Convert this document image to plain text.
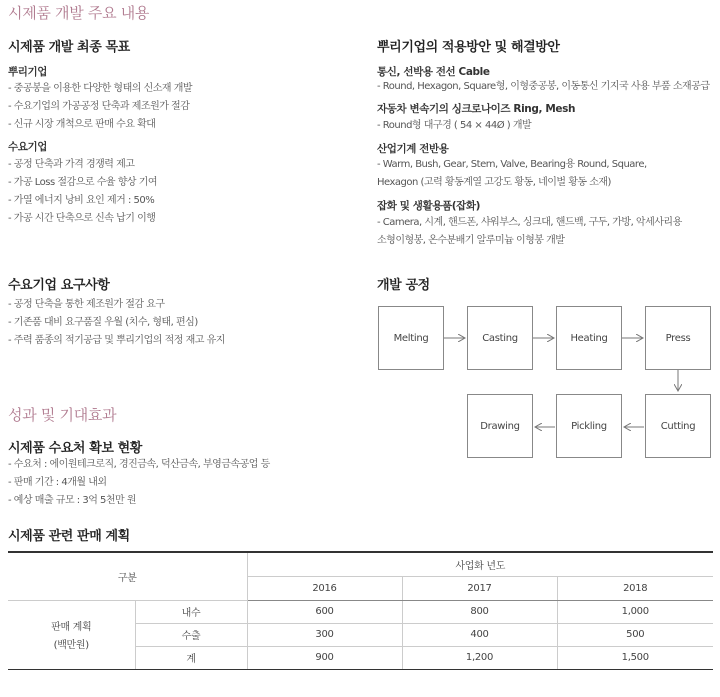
시제품 개발 주요 내용
시제품 개발 최종 목표
뿌리기업
- 중공봉을 이용한 다양한 형태의 신소재 개발
- 수요기업의 가공공정 단축과 제조원가 절감
- 신규 시장 개척으로 판매 수요 확대
수요기업
- 공정 단축과 가격 경쟁력 제고
- 가공 Loss 절감으로 수율 향상 기여
- 가열 에너지 낭비 요인 제거 : 50%
- 가공 시간 단축으로 신속 납기 이행
뿌리기업의 적용방안 및 해결방안
통신, 선박용 전선 Cable
- Round, Hexagon, Square형, 이형중공봉, 이동통신 기지국 사용 부품 소재공급
자동차 변속기의 싱크로나이즈 Ring, Mesh
- Round형 대구경 ( 54 × 44Ø ) 개발
산업기계 전반용
- Warm, Bush, Gear, Stem, Valve, Bearing용 Round, Square,
Hexagon (고력 황동계열 고강도 황동, 네이벌 황동 소재)
잡화 및 생활용품(잡화)
- Camera, 시계, 핸드폰, 샤워부스, 싱크대, 핸드백, 구두, 가방, 악세사리용
소형이형봉, 온수분배기 알루미늄 이형봉 개발
수요기업 요구사항
- 공정 단축을 통한 제조원가 절감 요구
- 기존품 대비 요구품질 우월 (치수, 형태, 편심)
- 주력 품종의 적기공급 및 뿌리기업의 적정 재고 유지
개발 공정
Melting	Casting	Heating	Press
Cutting
Pickling
Drawing
성과 및 기대효과
시제품 수요처 확보 현황
- 수요처 : 에이원테크로직, 경진금속, 덕산금속, 부영금속공업 등
- 판매 기간 : 4개월 내외
- 예상 매출 규모 : 3억 5천만 원
시제품 관련 판매 계획
구분		사업화 년도		
		2016	2017	2018

판매 계획
(백만원)	내수	600	800	1,000
	수출	300	400	500
	계	900	1,200	1,500
